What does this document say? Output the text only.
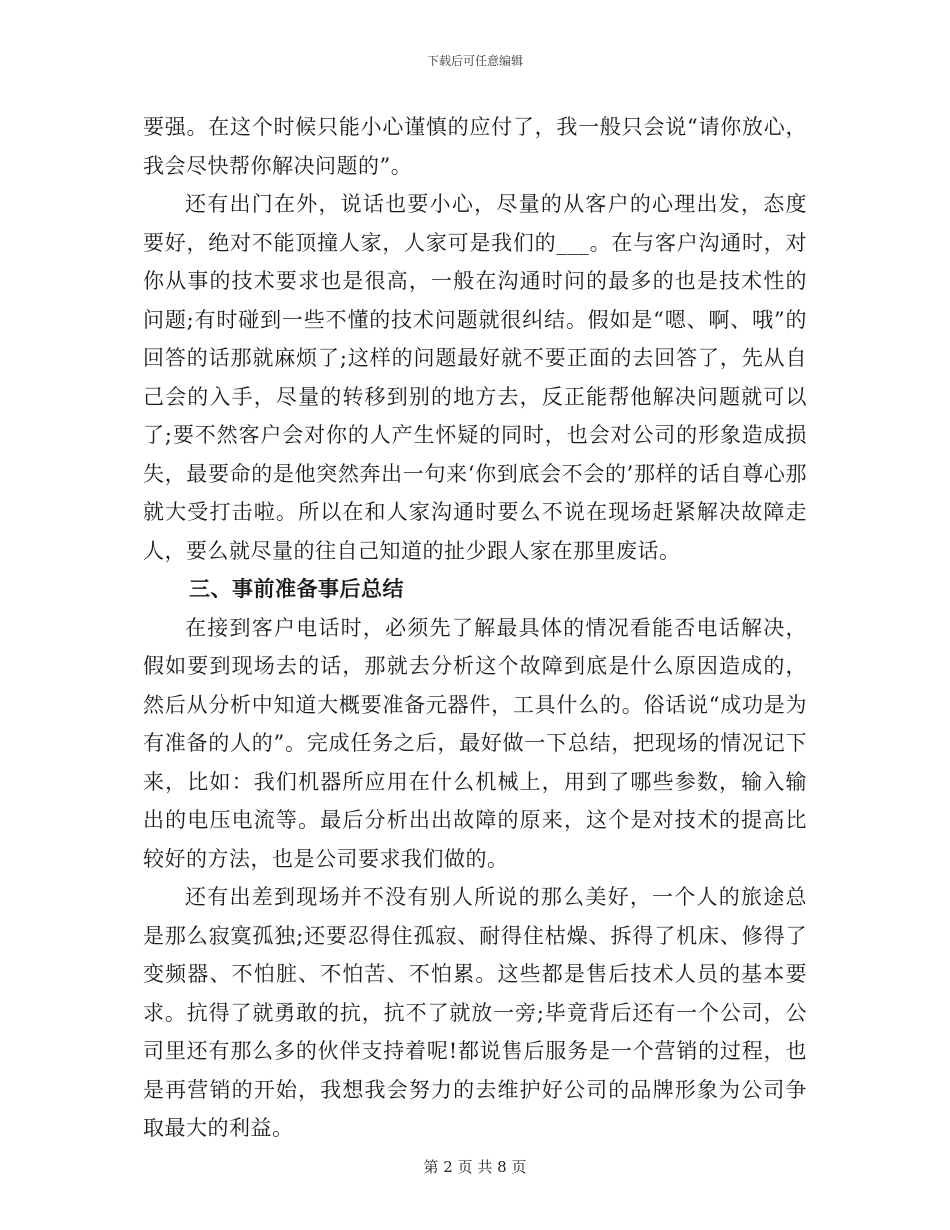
下载后可任意编辑

要强。在这个时候只能小心谨慎的应付了，我一般只会说“请你放心，我会尽快帮你解决问题的”。

还有出门在外，说话也要小心，尽量的从客户的心理出发，态度要好，绝对不能顶撞人家，人家可是我们的___。在与客户沟通时，对你从事的技术要求也是很高，一般在沟通时问的最多的也是技术性的问题;有时碰到一些不懂的技术问题就很纠结。假如是“嗯、啊、哦”的回答的话那就麻烦了;这样的问题最好就不要正面的去回答了，先从自己会的入手，尽量的转移到别的地方去，反正能帮他解决问题就可以了;要不然客户会对你的人产生怀疑的同时，也会对公司的形象造成损失，最要命的是他突然奔出一句来‘你到底会不会的’那样的话自尊心那就大受打击啦。所以在和人家沟通时要么不说在现场赶紧解决故障走人，要么就尽量的往自己知道的扯少跟人家在那里废话。

三、事前准备事后总结

在接到客户电话时，必须先了解最具体的情况看能否电话解决，假如要到现场去的话，那就去分析这个故障到底是什么原因造成的，然后从分析中知道大概要准备元器件，工具什么的。俗话说“成功是为有准备的人的”。完成任务之后，最好做一下总结，把现场的情况记下来，比如：我们机器所应用在什么机械上，用到了哪些参数，输入输出的电压电流等。最后分析出出故障的原来，这个是对技术的提高比较好的方法，也是公司要求我们做的。

还有出差到现场并不没有别人所说的那么美好，一个人的旅途总是那么寂寞孤独;还要忍得住孤寂、耐得住枯燥、拆得了机床、修得了变频器、不怕脏、不怕苦、不怕累。这些都是售后技术人员的基本要求。抗得了就勇敢的抗，抗不了就放一旁;毕竟背后还有一个公司，公司里还有那么多的伙伴支持着呢!都说售后服务是一个营销的过程，也是再营销的开始，我想我会努力的去维护好公司的品牌形象为公司争取最大的利益。

第 2 页 共 8 页
